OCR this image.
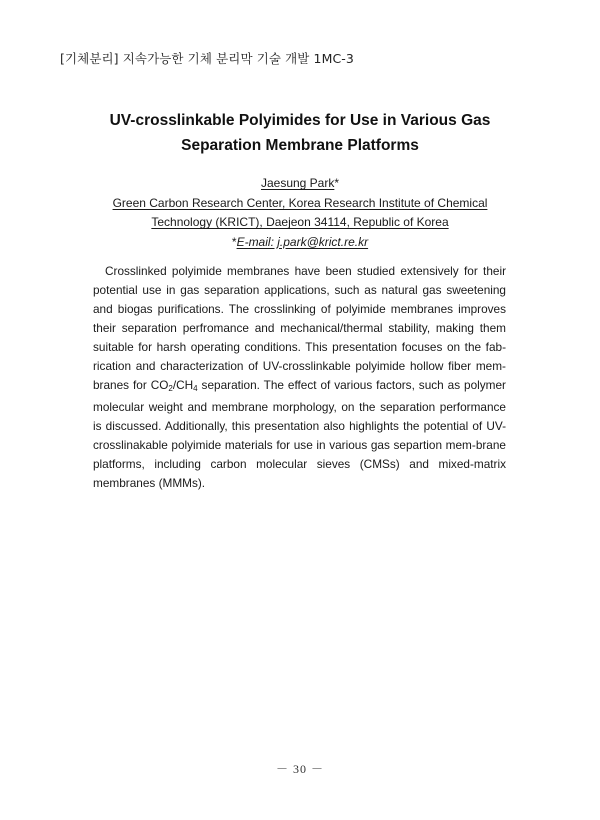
[기체분리] 지속가능한 기체 분리막 기술 개발 1MC-3
UV-crosslinkable Polyimides for Use in Various Gas
Separation Membrane Platforms
Jaesung Park*
Green Carbon Research Center, Korea Research Institute of Chemical
Technology (KRICT), Daejeon 34114, Republic of Korea
*E-mail: j.park@krict.re.kr

Crosslinked polyimide membranes have been studied extensively for their potential use in gas separation applications, such as natural gas sweetening and biogas purifications. The crosslinking of polyimide membranes improves their separation perfromance and mechanical/thermal stability, making them suitable for harsh operating conditions. This presentation focuses on the fab-rication and characterization of UV-crosslinkable polyimide hollow fiber mem-branes for $CO_2/CH_4$ separation. The effect of various factors, such as polymer molecular weight and membrane morphology, on the separation performance is discussed. Additionally, this presentation also highlights the potential of UV-crosslinakable polyimide materials for use in various gas separtion mem-brane platforms, including carbon molecular sieves (CMSs) and mixed-matrix membranes (MMMs).

－ 30 －
